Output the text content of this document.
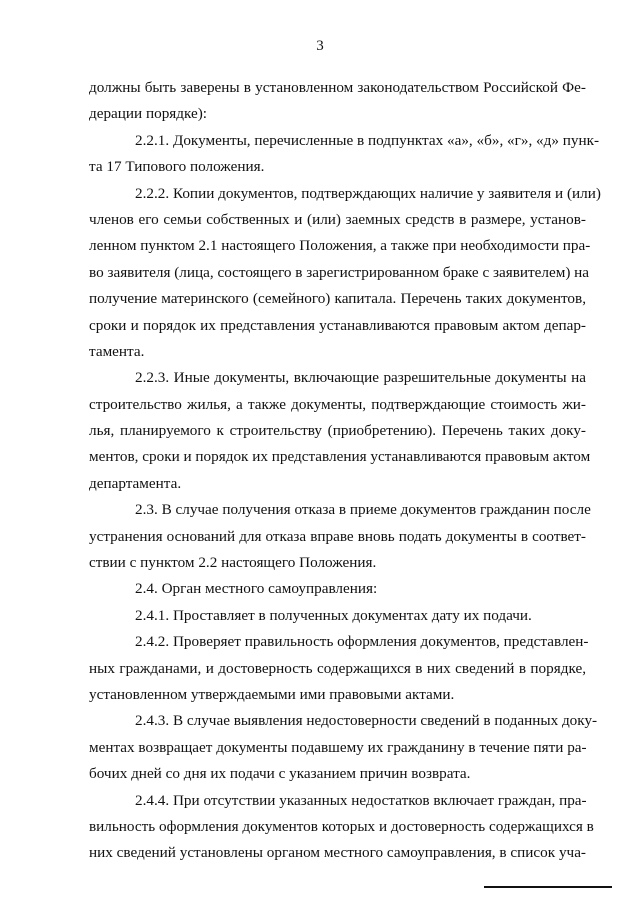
3
должны быть заверены в установленном законодательством Российской Фе-
дерации порядке):
2.2.1. Документы, перечисленные в подпунктах «а», «б», «г», «д» пунк-
та 17 Типового положения.
2.2.2. Копии документов, подтверждающих наличие у заявителя и (или)
членов его семьи собственных и (или) заемных средств в размере, установ-
ленном пунктом 2.1 настоящего Положения, а также при необходимости пра-
во заявителя (лица, состоящего в зарегистрированном браке с заявителем) на
получение материнского (семейного) капитала. Перечень таких документов,
сроки и порядок их представления устанавливаются правовым актом депар-
тамента.
2.2.3. Иные документы, включающие разрешительные документы на
строительство жилья, а также документы, подтверждающие стоимость жи-
лья, планируемого к строительству (приобретению). Перечень таких доку-
ментов, сроки и порядок их представления устанавливаются правовым актом
департамента.
2.3. В случае получения отказа в приеме документов гражданин после
устранения оснований для отказа вправе вновь подать документы в соответ-
ствии с пунктом 2.2 настоящего Положения.
2.4. Орган местного самоуправления:
2.4.1. Проставляет в полученных документах дату их подачи.
2.4.2. Проверяет правильность оформления документов, представлен-
ных гражданами, и достоверность содержащихся в них сведений в порядке,
установленном утверждаемыми ими правовыми актами.
2.4.3. В случае выявления недостоверности сведений в поданных доку-
ментах возвращает документы подавшему их гражданину в течение пяти ра-
бочих дней со дня их подачи с указанием причин возврата.
2.4.4. При отсутствии указанных недостатков включает граждан, пра-
вильность оформления документов которых и достоверность содержащихся в
них сведений установлены органом местного самоуправления, в список уча-
